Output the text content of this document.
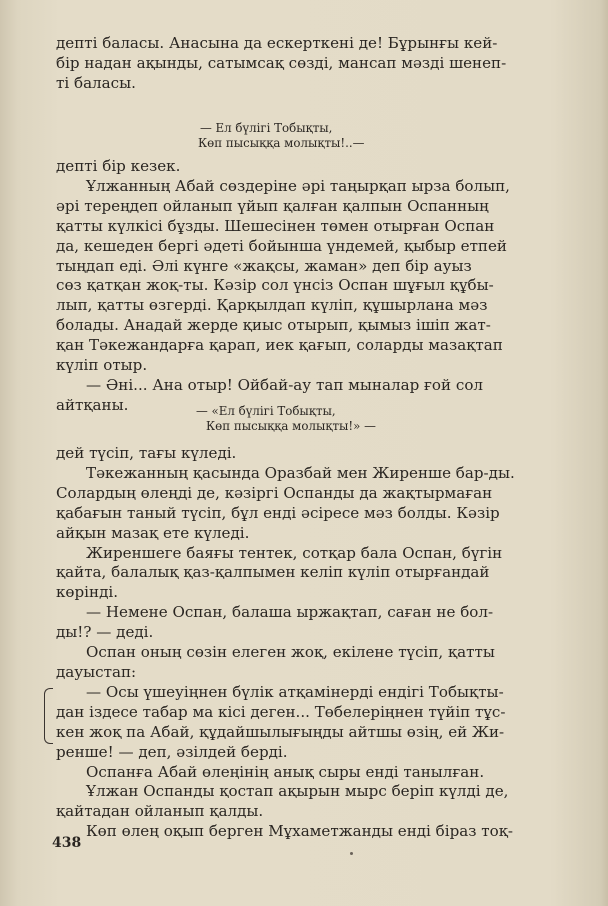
депті баласы. Анасына да ескерткені де! Бұрынғы кей-
бір надан ақынды, сатымсақ сөзді, мансап мәзді шенеп-
ті баласы.
— Ел бүлігі Тобықты,
Көп пысыққа молықты!..—
депті бір кезек.
Ұлжанның Абай сөздеріне әрі таңырқап ырза болып,
әрі тереңдеп ойланып үйып қалған қалпын Оспанның
қатты күлкісі бұзды. Шешесінен төмен отырған Оспан
да, кешеден бергі әдеті бойынша үндемей, қыбыр етпей
тыңдап еді. Әлі күнге «жақсы, жаман» деп бір ауыз
сөз қатқан жоқ-ты. Кәзір сол үнсіз Оспан шұғыл құбы-
лып, қатты өзгерді. Қарқылдап күліп, құшырлана мәз
болады. Анадай жерде қиыс отырып, қымыз ішіп жат-
қан Тәкежандарға қарап, иек қағып, соларды мазақтап
күліп отыр.
— Әні... Ана отыр! Ойбай-ау тап мыналар ғой сол
айтқаны.	— «Ел бүлігі Тобықты,
Көп пысыққа молықты!» —
дей түсіп, тағы күледі.
Тәкежанның қасында Оразбай мен Жиренше бар-ды.
Солардың өлеңді де, кәзіргі Оспанды да жақтырмаған
қабағын таный түсіп, бұл енді әсіресе мәз болды. Кәзір
айқын мазақ ете күледі.
Жиреншеге баяғы тентек, сотқар бала Оспан, бүгін
қайта, балалық қаз-қалпымен келіп күліп отырғандай
көрінді.
— Немене Оспан, балаша ыржақтап, саған не бол-
ды!? — деді.
Оспан оның сөзін елеген жоқ, екілене түсіп, қатты
дауыстап:
— Осы үшеуіңнен бүлік атқамінерді ендігі Тобықты-
дан іздесе табар ма кісі деген... Төбелеріңнен түйіп тұс-
кен жоқ па Абай, құдайшылығыңды айтшы өзің, ей Жи-
ренше! — деп, әзілдей берді.
Оспанға Абай өлеңінің анық сыры енді танылған.
Ұлжан Оспанды қостап ақырын мырс беріп күлді де,
қайтадан ойланып қалды.
Көп өлең оқып берген Мұхаметжанды енді біраз тоқ-
438
